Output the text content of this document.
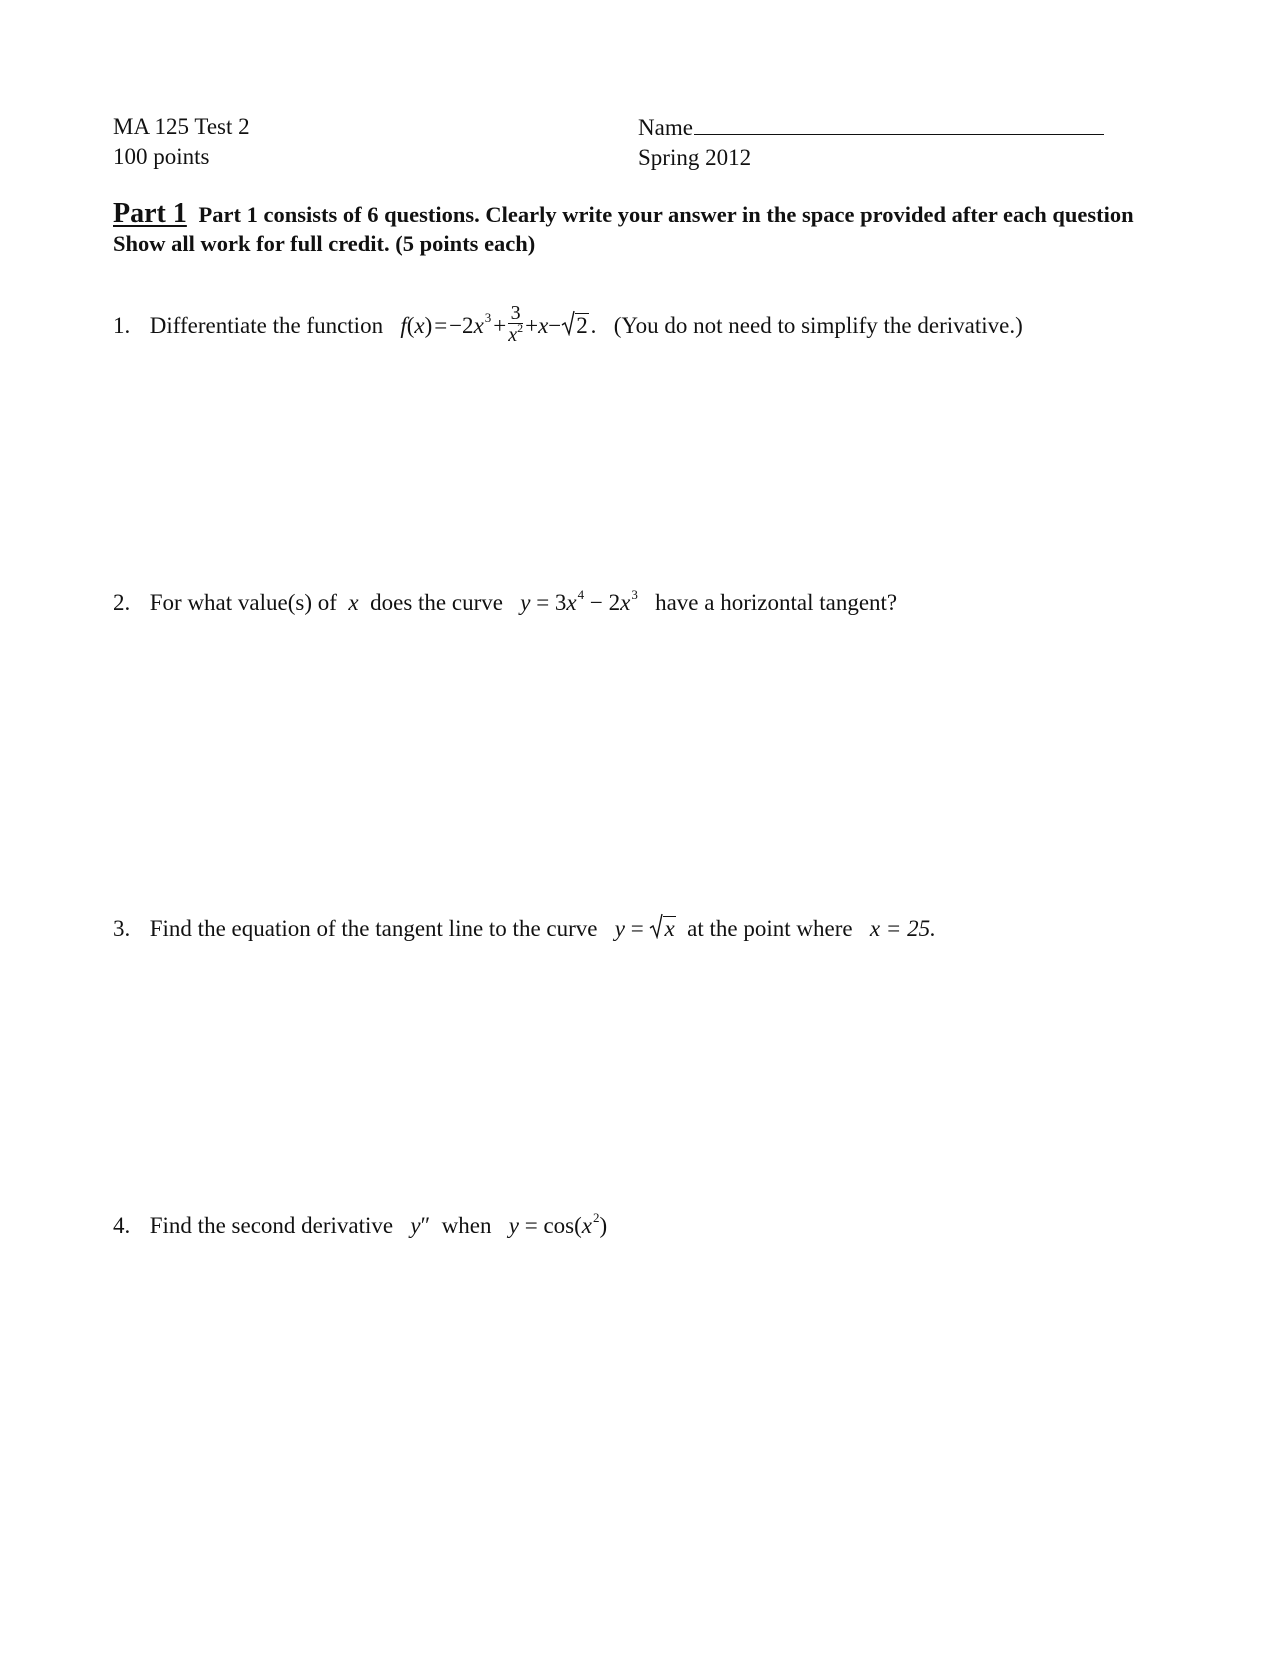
MA 125 Test 2
100 points
Name
Spring 2012
Part 1 Part 1 consists of 6 questions. Clearly write your answer in the space provided after each question Show all work for full credit. (5 points each)
1. Differentiate the function f(x) = $-2x^3$ + $\frac{3}{x^2} +x- 2$ .   (You do not need to simplify the derivative.)
2. For what value(s) of x does the curve $y = 3x^4 - 2x^3$ have a horizontal tangent?
3. Find the equation of the tangent line to the curve y =
x at the point where x = 25.
4. Find the second derivative y″  when $y = \cos(x^2)$
